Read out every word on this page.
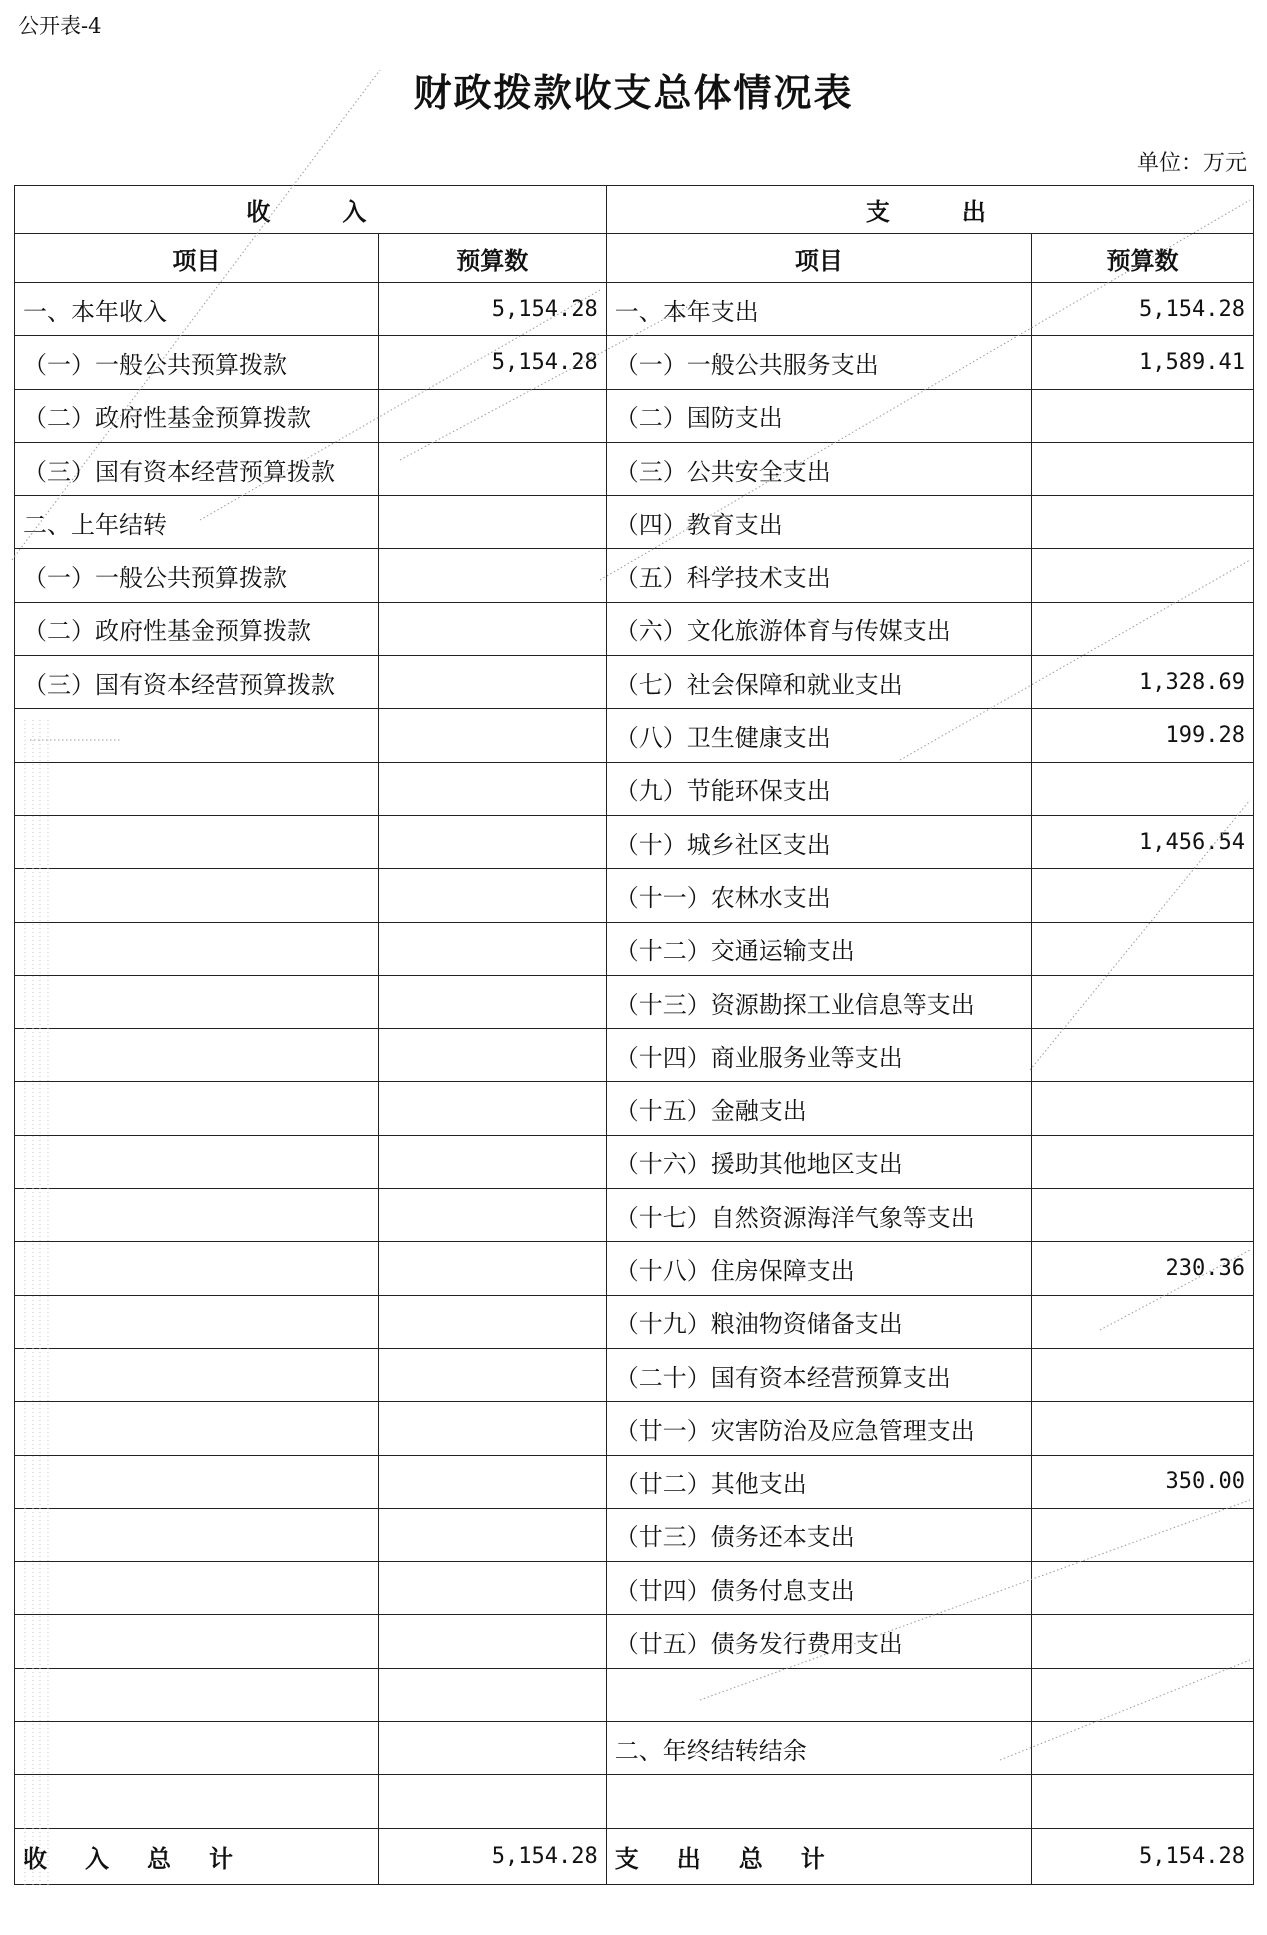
公开表-4
财政拨款收支总体情况表
单位：万元
收　　入		支　　出	
项目	预算数	项目	预算数
一、本年收入	5,154.28	一、本年支出	5,154.28
（一）一般公共预算拨款	5,154.28	（一）一般公共服务支出	1,589.41
（二）政府性基金预算拨款		（二）国防支出	
（三）国有资本经营预算拨款		（三）公共安全支出	
二、上年结转		（四）教育支出	
（一）一般公共预算拨款		（五）科学技术支出	
（二）政府性基金预算拨款		（六）文化旅游体育与传媒支出	
（三）国有资本经营预算拨款		（七）社会保障和就业支出	1,328.69
		（八）卫生健康支出	199.28
		（九）节能环保支出	
		（十）城乡社区支出	1,456.54
		（十一）农林水支出	
		（十二）交通运输支出	
		（十三）资源勘探工业信息等支出	
		（十四）商业服务业等支出	
		（十五）金融支出	
		（十六）援助其他地区支出	
		（十七）自然资源海洋气象等支出	
		（十八）住房保障支出	230.36
		（十九）粮油物资储备支出	
		（二十）国有资本经营预算支出	
		（廿一）灾害防治及应急管理支出	
		（廿二）其他支出	350.00
		（廿三）债务还本支出	
		（廿四）债务付息支出	
		（廿五）债务发行费用支出	

		二、年终结转结余	

收入总计	5,154.28	支出总计	5,154.28
